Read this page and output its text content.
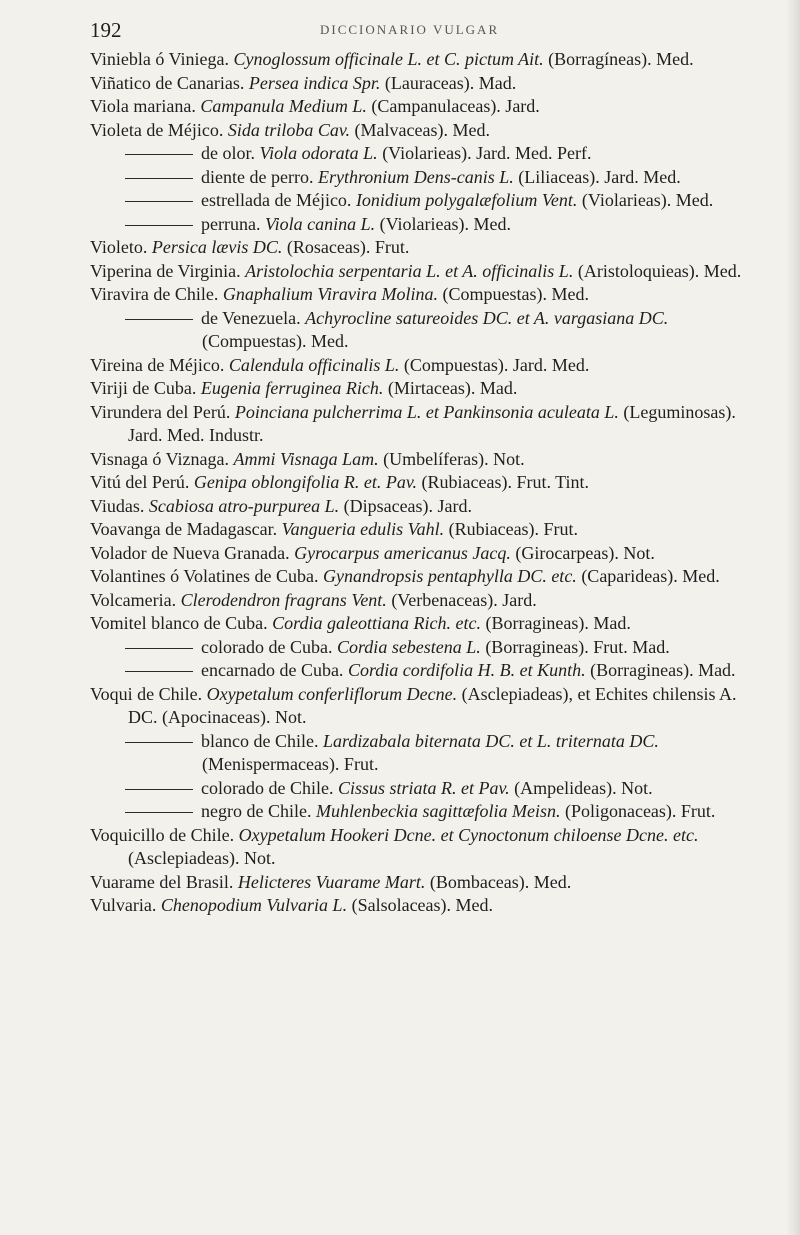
192	DICCIONARIO VULGAR
Viniebla ó Viniega. Cynoglossum officinale L. et C. pictum Ait. (Borragíneas). Med.
Viñatico de Canarias. Persea indica Spr. (Lauraceas). Mad.
Viola mariana. Campanula Medium L. (Campanulaceas). Jard.
Violeta de Méjico. Sida triloba Cav. (Malvaceas). Med.
de olor. Viola odorata L. (Violarieas). Jard. Med. Perf.
diente de perro. Erythronium Dens-canis L. (Liliaceas). Jard. Med.
estrellada de Méjico. Ionidium polygalæfolium Vent. (Violarieas). Med.
perruna. Viola canina L. (Violarieas). Med.
Violeto. Persica lævis DC. (Rosaceas). Frut.
Viperina de Virginia. Aristolochia serpentaria L. et A. officinalis L. (Aristoloquieas). Med.
Viravira de Chile. Gnaphalium Viravira Molina. (Compuestas). Med.
de Venezuela. Achyrocline satureoides DC. et A. vargasiana DC. (Compuestas). Med.
Vireina de Méjico. Calendula officinalis L. (Compuestas). Jard. Med.
Viriji de Cuba. Eugenia ferruginea Rich. (Mirtaceas). Mad.
Virundera del Perú. Poinciana pulcherrima L. et Pankinsonia aculeata L. (Leguminosas). Jard. Med. Industr.
Visnaga ó Viznaga. Ammi Visnaga Lam. (Umbelíferas). Not.
Vitú del Perú. Genipa oblongifolia R. et. Pav. (Rubiaceas). Frut. Tint.
Viudas. Scabiosa atro-purpurea L. (Dipsaceas). Jard.
Voavanga de Madagascar. Vangueria edulis Vahl. (Rubiaceas). Frut.
Volador de Nueva Granada. Gyrocarpus americanus Jacq. (Girocarpeas). Not.
Volantines ó Volatines de Cuba. Gynandropsis pentaphylla DC. etc. (Caparideas). Med.
Volcameria. Clerodendron fragrans Vent. (Verbenaceas). Jard.
Vomitel blanco de Cuba. Cordia galeottiana Rich. etc. (Borragineas). Mad.
colorado de Cuba. Cordia sebestena L. (Borragineas). Frut. Mad.
encarnado de Cuba. Cordia cordifolia H. B. et Kunth. (Borragineas). Mad.
Voqui de Chile. Oxypetalum conferliflorum Decne. (Asclepiadeas), et Echites chilensis A. DC. (Apocinaceas). Not.
blanco de Chile. Lardizabala biternata DC. et L. triternata DC. (Menispermaceas). Frut.
colorado de Chile. Cissus striata R. et Pav. (Ampelideas). Not.
negro de Chile. Muhlenbeckia sagittæfolia Meisn. (Poligonaceas). Frut.
Voquicillo de Chile. Oxypetalum Hookeri Dcne. et Cynoctonum chiloense Dcne. etc. (Asclepiadeas). Not.
Vuarame del Brasil. Helicteres Vuarame Mart. (Bombaceas). Med.
Vulvaria. Chenopodium Vulvaria L. (Salsolaceas). Med.
